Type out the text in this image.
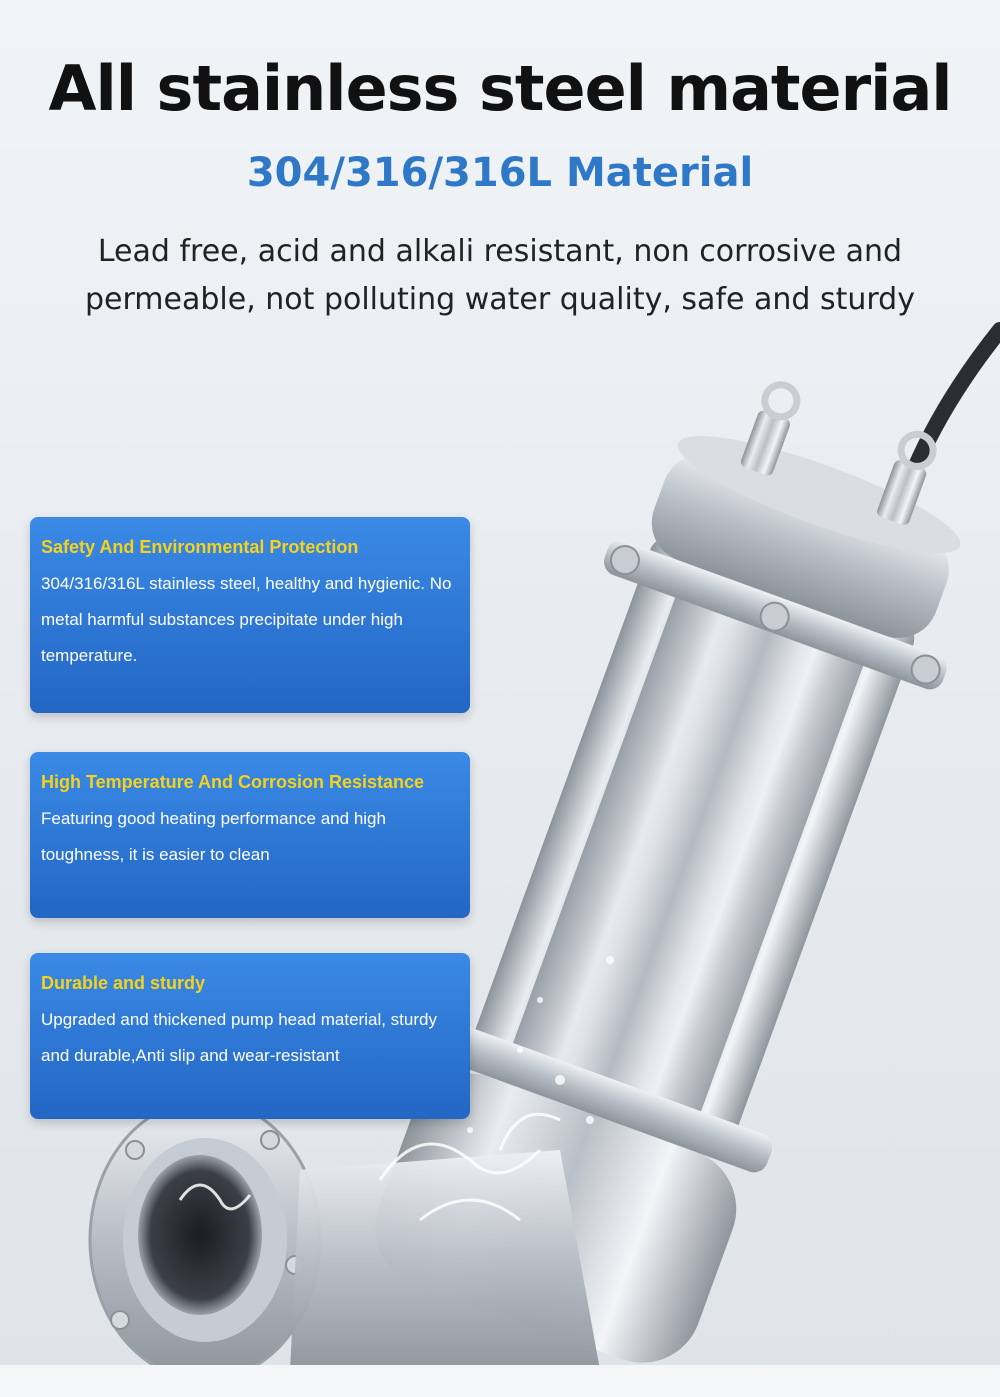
All stainless steel material
304/316/316L Material
Lead free, acid and alkali resistant, non corrosive and permeable, not polluting water quality, safe and sturdy
Safety And Environmental Protection
304/316/316L stainless steel, healthy and hygienic. No metal harmful substances precipitate under high temperature.
High Temperature And Corrosion Resistance
Featuring good heating performance and high toughness, it is easier to clean
Durable and sturdy
Upgraded and thickened pump head material, sturdy and durable,Anti slip and wear-resistant
